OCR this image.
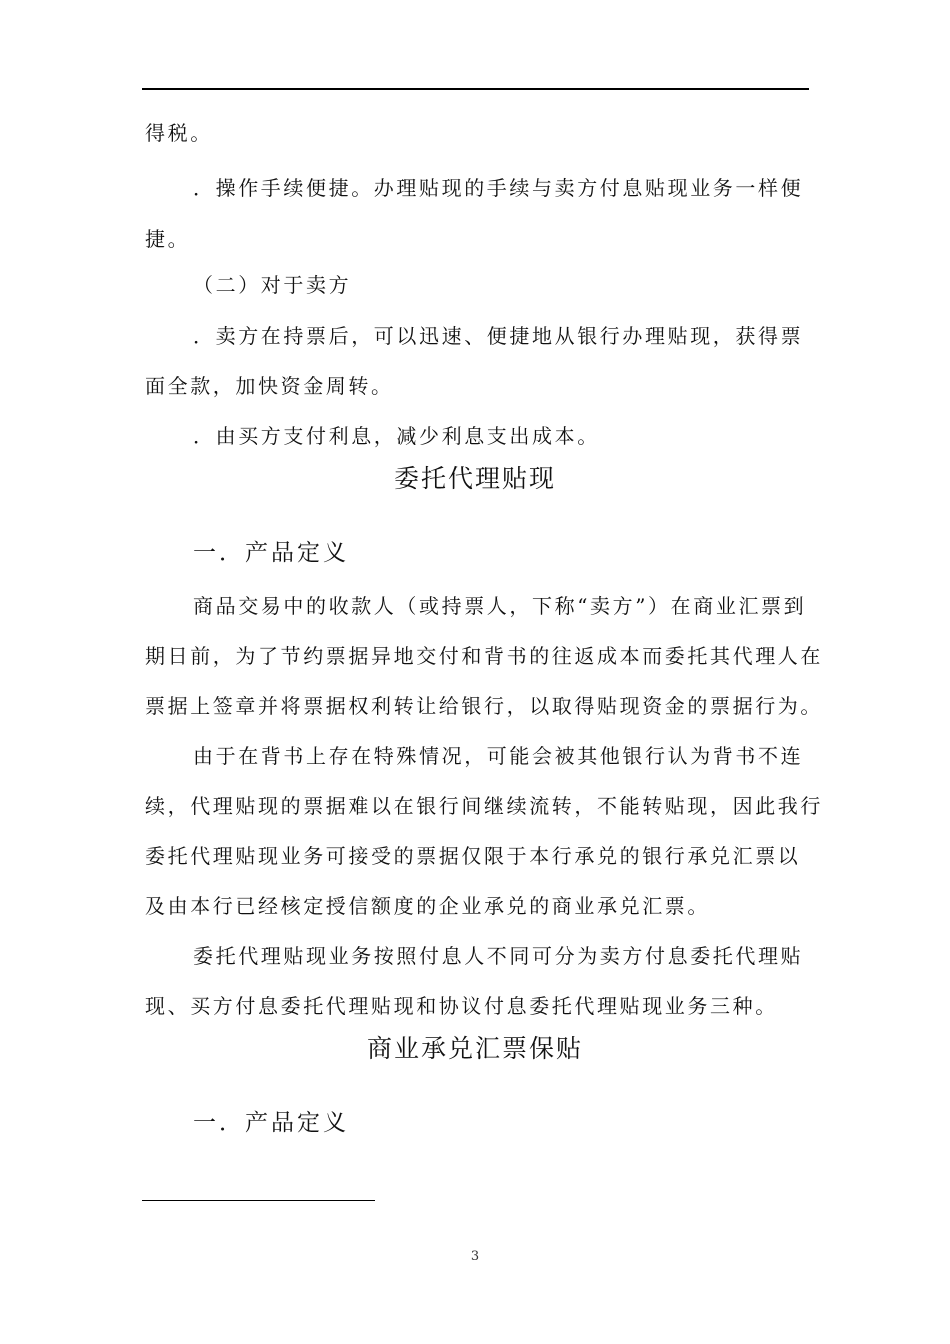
得税。
．操作手续便捷。办理贴现的手续与卖方付息贴现业务一样便
捷。
（二）对于卖方
．卖方在持票后，可以迅速、便捷地从银行办理贴现，获得票
面全款，加快资金周转。
．由买方支付利息，减少利息支出成本。
委托代理贴现
一．产品定义
商品交易中的收款人（或持票人，下称“卖方”）在商业汇票到
期日前，为了节约票据异地交付和背书的往返成本而委托其代理人在
票据上签章并将票据权利转让给银行，以取得贴现资金的票据行为。
由于在背书上存在特殊情况，可能会被其他银行认为背书不连
续，代理贴现的票据难以在银行间继续流转，不能转贴现，因此我行
委托代理贴现业务可接受的票据仅限于本行承兑的银行承兑汇票以
及由本行已经核定授信额度的企业承兑的商业承兑汇票。
委托代理贴现业务按照付息人不同可分为卖方付息委托代理贴
现、买方付息委托代理贴现和协议付息委托代理贴现业务三种。
商业承兑汇票保贴
一．产品定义
3
